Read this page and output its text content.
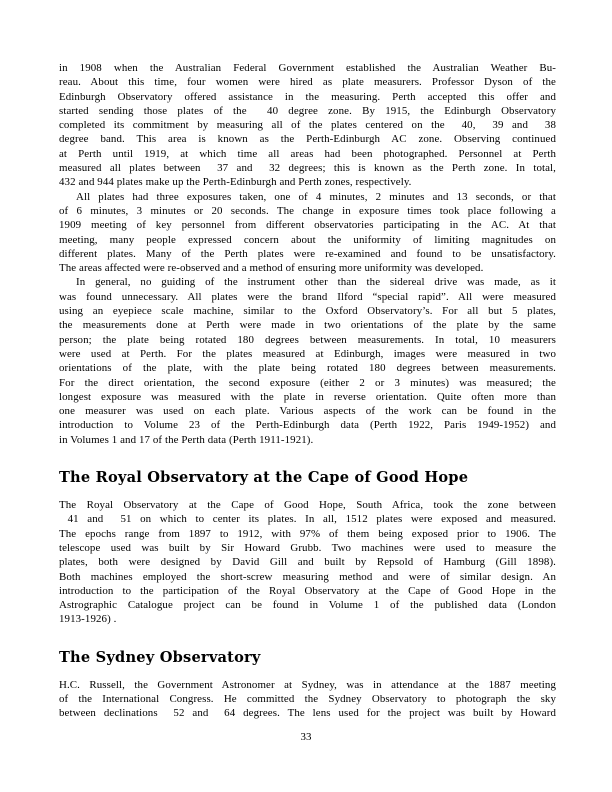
in 1908 when the Australian Federal Government established the Australian Weather Bu-
reau. About this time, four women were hired as plate measurers. Professor Dyson of the
Edinburgh Observatory offered assistance in the measuring. Perth accepted this offer and
started sending those plates of the  40 degree zone. By 1915, the Edinburgh Observatory
completed its commitment by measuring all of the plates centered on the  40,  39 and  38
degree band. This area is known as the Perth-Edinburgh AC zone. Observing continued
at Perth until 1919, at which time all areas had been photographed. Personnel at Perth
measured all plates between  37 and  32 degrees; this is known as the Perth zone. In total,
432 and 944 plates make up the Perth-Edinburgh and Perth zones, respectively.
All plates had three exposures taken, one of 4 minutes, 2 minutes and 13 seconds, or that
of 6 minutes, 3 minutes or 20 seconds. The change in exposure times took place following a
1909 meeting of key personnel from different observatories participating in the AC. At that
meeting, many people expressed concern about the uniformity of limiting magnitudes on
different plates. Many of the Perth plates were re-examined and found to be unsatisfactory.
The areas affected were re-observed and a method of ensuring more uniformity was developed.
In general, no guiding of the instrument other than the sidereal drive was made, as it
was found unnecessary. All plates were the brand Ilford “special rapid”. All were measured
using an eyepiece scale machine, similar to the Oxford Observatory’s. For all but 5 plates,
the measurements done at Perth were made in two orientations of the plate by the same
person; the plate being rotated 180 degrees between measurements. In total, 10 measurers
were used at Perth. For the plates measured at Edinburgh, images were measured in two
orientations of the plate, with the plate being rotated 180 degrees between measurements.
For the direct orientation, the second exposure (either 2 or 3 minutes) was measured; the
longest exposure was measured with the plate in reverse orientation. Quite often more than
one measurer was used on each plate. Various aspects of the work can be found in the
introduction to Volume 23 of the Perth-Edinburgh data (Perth 1922, Paris 1949-1952) and
in Volumes 1 and 17 of the Perth data (Perth 1911-1921).
The Royal Observatory at the Cape of Good Hope
The Royal Observatory at the Cape of Good Hope, South Africa, took the zone between
41 and  51 on which to center its plates. In all, 1512 plates were exposed and measured.
The epochs range from 1897 to 1912, with 97% of them being exposed prior to 1906. The
telescope used was built by Sir Howard Grubb. Two machines were used to measure the
plates, both were designed by David Gill and built by Repsold of Hamburg (Gill 1898).
Both machines employed the short-screw measuring method and were of similar design. An
introduction to the participation of the Royal Observatory at the Cape of Good Hope in the
Astrographic Catalogue project can be found in Volume 1 of the published data (London
1913-1926) .
The Sydney Observatory
H.C. Russell, the Government Astronomer at Sydney, was in attendance at the 1887 meeting
of the International Congress. He committed the Sydney Observatory to photograph the sky
between declinations  52 and  64 degrees. The lens used for the project was built by Howard
33
